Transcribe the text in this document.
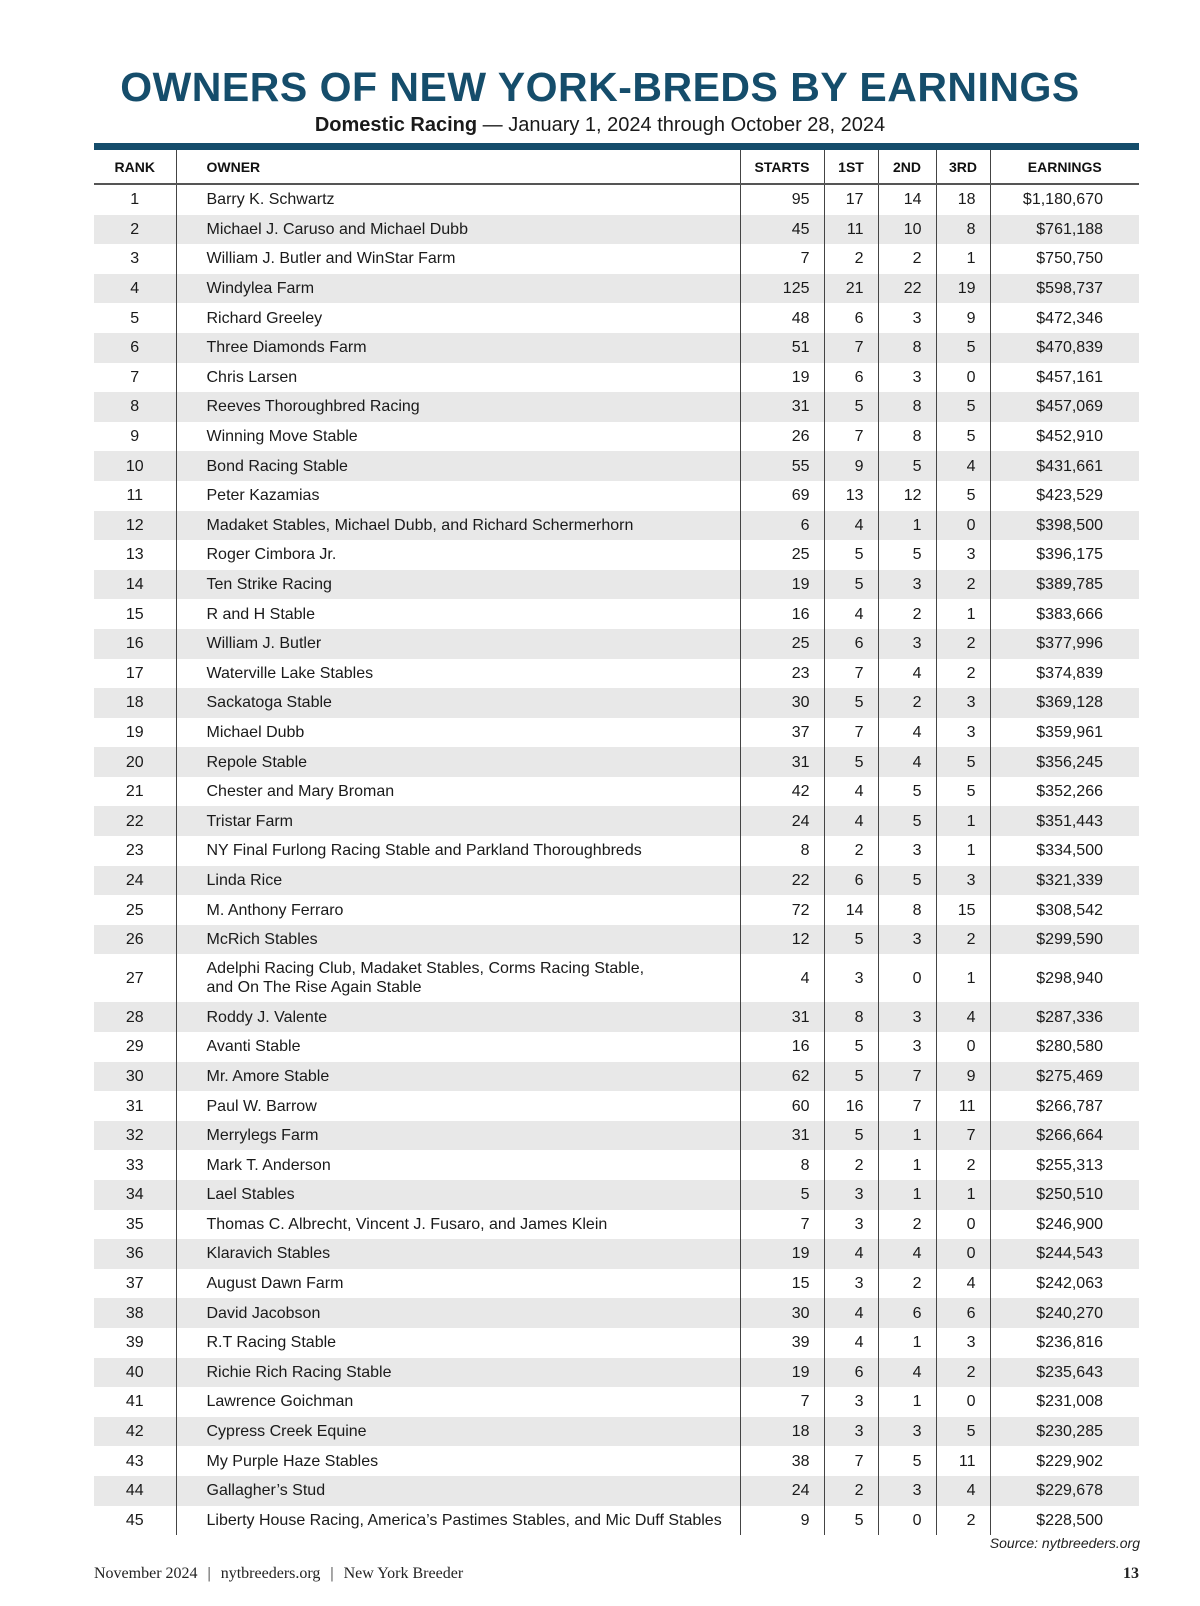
OWNERS OF NEW YORK-BREDS BY EARNINGS
Domestic Racing — January 1, 2024 through October 28, 2024
RANK	OWNER	STARTS	1ST	2ND	3RD	EARNINGS
1	Barry K. Schwartz	95	17	14	18	$1,180,670
2	Michael J. Caruso and Michael Dubb	45	11	10	8	$761,188
3	William J. Butler and WinStar Farm	7	2	2	1	$750,750
4	Windylea Farm	125	21	22	19	$598,737
5	Richard Greeley	48	6	3	9	$472,346
6	Three Diamonds Farm	51	7	8	5	$470,839
7	Chris Larsen	19	6	3	0	$457,161
8	Reeves Thoroughbred Racing	31	5	8	5	$457,069
9	Winning Move Stable	26	7	8	5	$452,910
10	Bond Racing Stable	55	9	5	4	$431,661
11	Peter Kazamias	69	13	12	5	$423,529
12	Madaket Stables, Michael Dubb, and Richard Schermerhorn	6	4	1	0	$398,500
13	Roger Cimbora Jr.	25	5	5	3	$396,175
14	Ten Strike Racing	19	5	3	2	$389,785
15	R and H Stable	16	4	2	1	$383,666
16	William J. Butler	25	6	3	2	$377,996
17	Waterville Lake Stables	23	7	4	2	$374,839
18	Sackatoga Stable	30	5	2	3	$369,128
19	Michael Dubb	37	7	4	3	$359,961
20	Repole Stable	31	5	4	5	$356,245
21	Chester and Mary Broman	42	4	5	5	$352,266
22	Tristar Farm	24	4	5	1	$351,443
23	NY Final Furlong Racing Stable and Parkland Thoroughbreds	8	2	3	1	$334,500
24	Linda Rice	22	6	5	3	$321,339
25	M. Anthony Ferraro	72	14	8	15	$308,542
26	McRich Stables	12	5	3	2	$299,590
27	Adelphi Racing Club, Madaket Stables, Corms Racing Stable,
and On The Rise Again Stable	4	3	0	1	$298,940
28	Roddy J. Valente	31	8	3	4	$287,336
29	Avanti Stable	16	5	3	0	$280,580
30	Mr. Amore Stable	62	5	7	9	$275,469
31	Paul W. Barrow	60	16	7	11	$266,787
32	Merrylegs Farm	31	5	1	7	$266,664
33	Mark T. Anderson	8	2	1	2	$255,313
34	Lael Stables	5	3	1	1	$250,510
35	Thomas C. Albrecht, Vincent J. Fusaro, and James Klein	7	3	2	0	$246,900
36	Klaravich Stables	19	4	4	0	$244,543
37	August Dawn Farm	15	3	2	4	$242,063
38	David Jacobson	30	4	6	6	$240,270
39	R.T Racing Stable	39	4	1	3	$236,816
40	Richie Rich Racing Stable	19	6	4	2	$235,643
41	Lawrence Goichman	7	3	1	0	$231,008
42	Cypress Creek Equine	18	3	3	5	$230,285
43	My Purple Haze Stables	38	7	5	11	$229,902
44	Gallagher’s Stud	24	2	3	4	$229,678
45	Liberty House Racing, America’s Pastimes Stables, and Mic Duff Stables	9	5	0	2	$228,500
Source: nytbreeders.org
November 2024 | nytbreeders.org | New York Breeder	13
